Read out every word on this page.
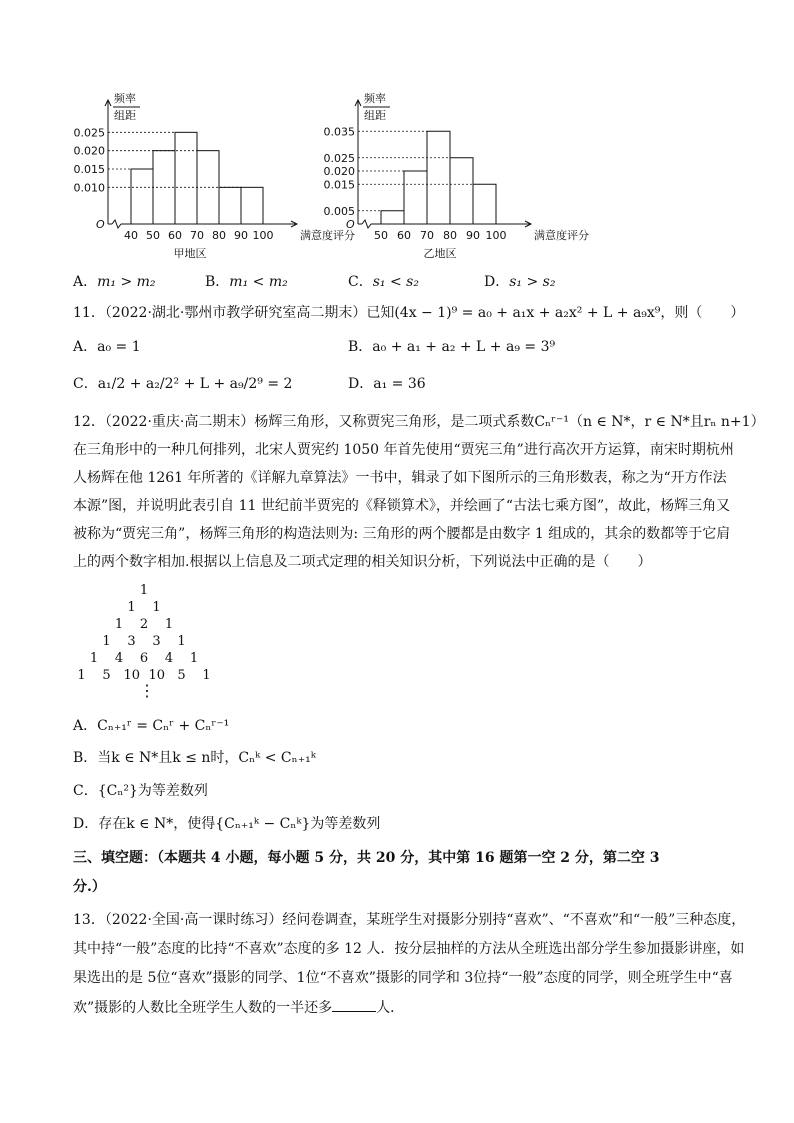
频率
组距
O
0.025
0.020
0.015
0.010
40 50 60 70 80 90 100 满意度评分
甲地区
频率
组距
O
0.035
0.025
0.020
0.015
0.005
50 60 70 80 90 100	满意度评分
乙地区
A．m₁ > m₂	B．m₁ < m₂	C．s₁ < s₂	D．s₁ > s₂
11．（2022·湖北·鄂州市教学研究室高二期末）已知(4x − 1)⁹ = a₀ + a₁x + a₂x² + L + a₉x⁹，则（　　）
A．a₀ = 1	B．a₀ + a₁ + a₂ + L + a₉ = 3⁹
C．a₁/2 + a₂/2² + L + a₉/2⁹ = 2	D．a₁ = 36
12．（2022·重庆·高二期末）杨辉三角形，又称贾宪三角形，是二项式系数Cₙʳ⁻¹（n ∈ N*，r ∈ N*且rₙ n+1）
在三角形中的一种几何排列，北宋人贾宪约 1050 年首先使用“贾宪三角”进行高次开方运算，南宋时期杭州
人杨辉在他 1261 年所著的《详解九章算法》一书中，辑录了如下图所示的三角形数表，称之为“开方作法
本源”图，并说明此表引自 11 世纪前半贾宪的《释锁算术》，并绘画了“古法七乘方图”，故此，杨辉三角又
被称为“贾宪三角”，杨辉三角形的构造法则为: 三角形的两个腰都是由数字 1 组成的，其余的数都等于它肩
上的两个数字相加.根据以上信息及二项式定理的相关知识分析，下列说法中正确的是（　　）
1
1 1
1 2 1
1 3 3 1
1 4 6 4 1
1 5 10 10 5 1
⋮
A．Cₙ₊₁ʳ = Cₙʳ + Cₙʳ⁻¹
B．当k ∈ N*且k ≤ n时，Cₙᵏ < Cₙ₊₁ᵏ
C．{Cₙ²}为等差数列
D．存在k ∈ N*，使得{Cₙ₊₁ᵏ − Cₙᵏ}为等差数列
三、填空题：（本题共 4 小题，每小题 5 分，共 20 分，其中第 16 题第一空 2 分，第二空 3
分.）
13．（2022·全国·高一课时练习）经问卷调查，某班学生对摄影分别持“喜欢”、“不喜欢”和“一般”三种态度，
其中持“一般”态度的比持“不喜欢”态度的多 12 人．按分层抽样的方法从全班选出部分学生参加摄影讲座，如
果选出的是 5位“喜欢”摄影的同学、1位“不喜欢”摄影的同学和 3位持“一般”态度的同学，则全班学生中“喜
欢”摄影的人数比全班学生人数的一半还多	人．
